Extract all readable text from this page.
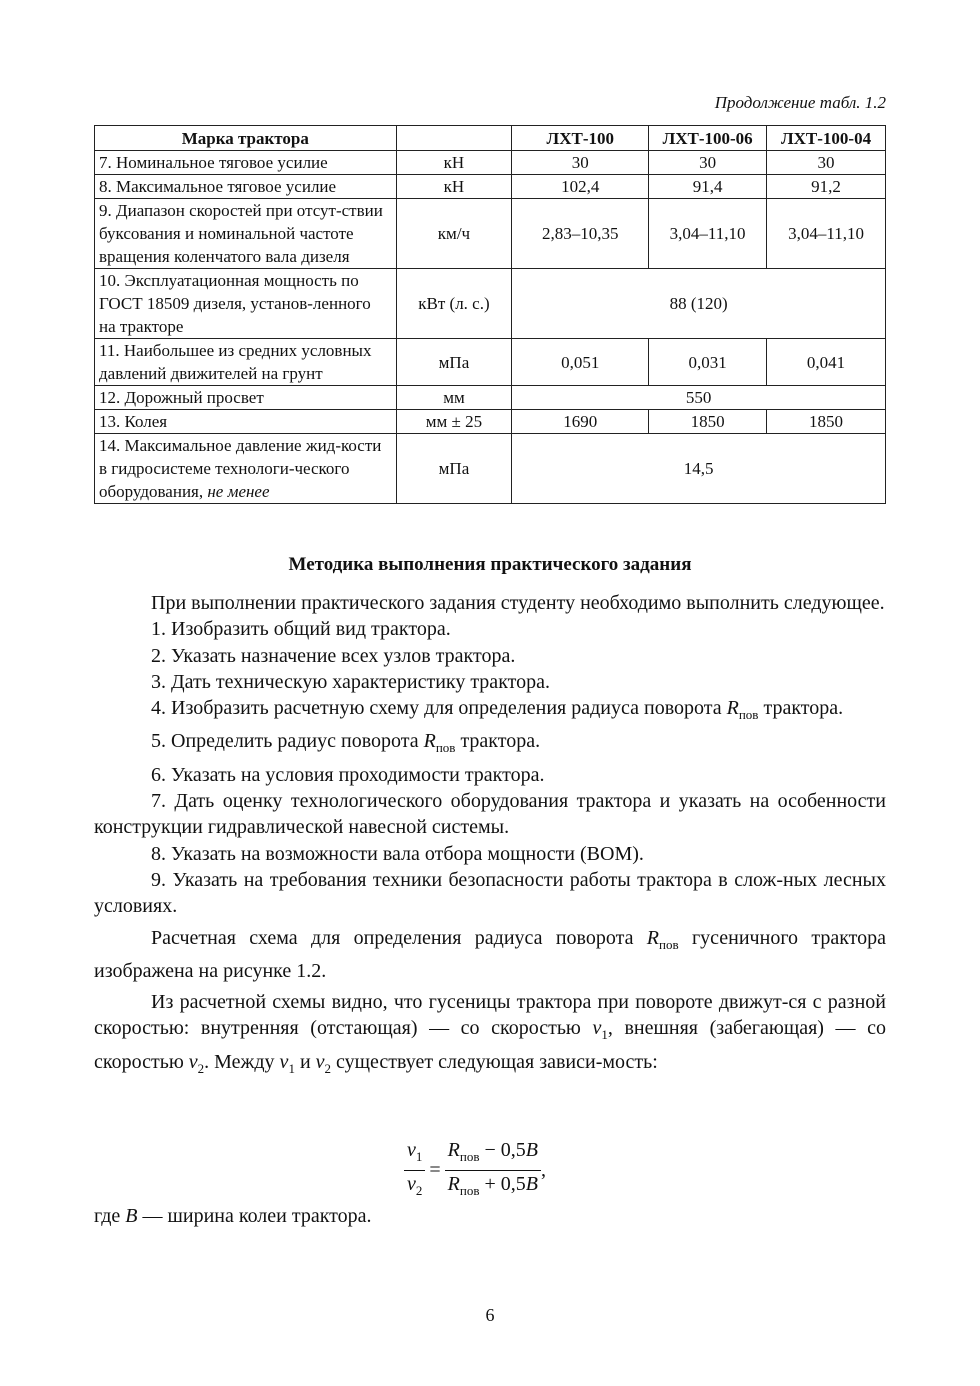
Продолжение табл. 1.2
Марка трактора		ЛХТ-100	ЛХТ-100-06	ЛХТ-100-04
7. Номинальное тяговое усилие	кН	30	30	30
8. Максимальное тяговое усилие	кН	102,4	91,4	91,2
9. Диапазон скоростей при отсут-ствии буксования и номинальной частоте вращения коленчатого вала дизеля	км/ч	2,83–10,35	3,04–11,10	3,04–11,10
10. Эксплуатационная мощность по ГОСТ 18509 дизеля, установ-ленного на тракторе	кВт (л. с.)	88 (120)		
11. Наибольшее из средних условных давлений движителей на грунт	мПа	0,051	0,031	0,041
12. Дорожный просвет	мм	550		
13. Колея	мм ± 25	1690	1850	1850
14. Максимальное давление жид-кости в гидросистеме технологи-ческого оборудования, не менее	мПа	14,5		
Методика выполнения практического задания

При выполнении практического задания студенту необходимо выполнить следующее.

1. Изобразить общий вид трактора.

2. Указать назначение всех узлов трактора.

3. Дать техническую характеристику трактора.

4. Изобразить расчетную схему для определения радиуса поворота $R_{пов}$ трактора.

5. Определить радиус поворота $R_{пов}$ трактора.

6. Указать на условия проходимости трактора.

7. Дать оценку технологического оборудования трактора и указать на особенности конструкции гидравлической навесной системы.

8. Указать на возможности вала отбора мощности (ВОМ).

9. Указать на требования техники безопасности работы трактора в слож-ных лесных условиях.

Расчетная схема для определения радиуса поворота $R_{пов}$ гусеничного трактора изображена на рисунке 1.2.

Из расчетной схемы видно, что гусеницы трактора при повороте движут-ся с разной скоростью: внутренняя (отстающая) — со скоростью $v_1$, внешняя (забегающая) — со скоростью $v_2$. Между $v_1$ и $v_2$ существует следующая зависи-мость:

$\frac{v_1}{v_2} = \frac{R_{пов} - 0,5B}{R_{пов} + 0,5B}$ ,
где B — ширина колеи трактора.
6
